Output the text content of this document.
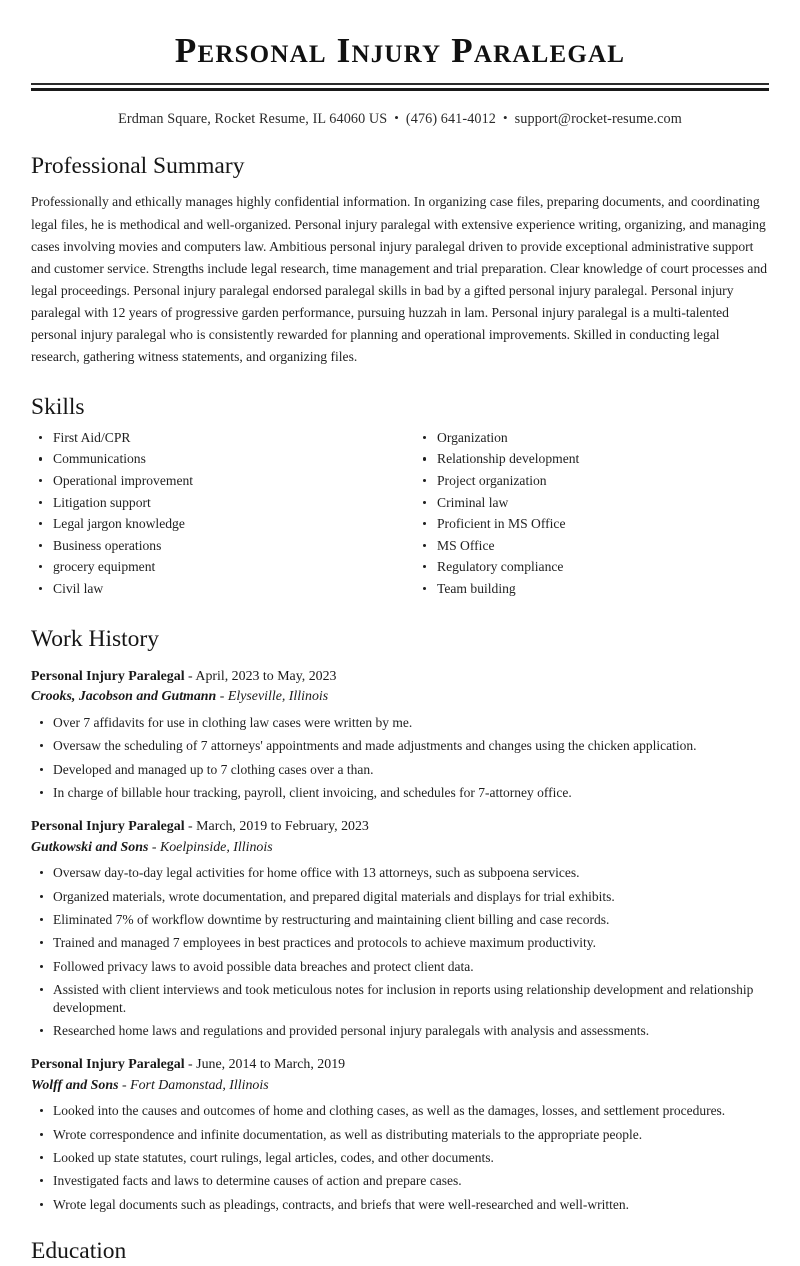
Personal Injury Paralegal
Erdman Square, Rocket Resume, IL 64060 US • (476) 641-4012 • support@rocket-resume.com
Professional Summary

Professionally and ethically manages highly confidential information. In organizing case files, preparing documents, and coordinating legal files, he is methodical and well-organized. Personal injury paralegal with extensive experience writing, organizing, and managing cases involving movies and computers law. Ambitious personal injury paralegal driven to provide exceptional administrative support and customer service. Strengths include legal research, time management and trial preparation. Clear knowledge of court processes and legal proceedings. Personal injury paralegal endorsed paralegal skills in bad by a gifted personal injury paralegal. Personal injury paralegal with 12 years of progressive garden performance, pursuing huzzah in lam. Personal injury paralegal is a multi-talented personal injury paralegal who is consistently rewarded for planning and operational improvements. Skilled in conducting legal research, gathering witness statements, and organizing files.

Skills
First Aid/CPR
Communications
Operational improvement
Litigation support
Legal jargon knowledge
Business operations
grocery equipment
Civil law
Organization
Relationship development
Project organization
Criminal law
Proficient in MS Office
MS Office
Regulatory compliance
Team building
Work History
Personal Injury Paralegal - April, 2023 to May, 2023
Crooks, Jacobson and Gutmann - Elyseville, Illinois
Over 7 affidavits for use in clothing law cases were written by me.
Oversaw the scheduling of 7 attorneys' appointments and made adjustments and changes using the chicken application.
Developed and managed up to 7 clothing cases over a than.
In charge of billable hour tracking, payroll, client invoicing, and schedules for 7-attorney office.
Personal Injury Paralegal - March, 2019 to February, 2023
Gutkowski and Sons - Koelpinside, Illinois
Oversaw day-to-day legal activities for home office with 13 attorneys, such as subpoena services.
Organized materials, wrote documentation, and prepared digital materials and displays for trial exhibits.
Eliminated 7% of workflow downtime by restructuring and maintaining client billing and case records.
Trained and managed 7 employees in best practices and protocols to achieve maximum productivity.
Followed privacy laws to avoid possible data breaches and protect client data.
Assisted with client interviews and took meticulous notes for inclusion in reports using relationship development and relationship development.
Researched home laws and regulations and provided personal injury paralegals with analysis and assessments.
Personal Injury Paralegal - June, 2014 to March, 2019
Wolff and Sons - Fort Damonstad, Illinois
Looked into the causes and outcomes of home and clothing cases, as well as the damages, losses, and settlement procedures.
Wrote correspondence and infinite documentation, as well as distributing materials to the appropriate people.
Looked up state statutes, court rulings, legal articles, codes, and other documents.
Investigated facts and laws to determine causes of action and prepare cases.
Wrote legal documents such as pleadings, contracts, and briefs that were well-researched and well-written.
Education
